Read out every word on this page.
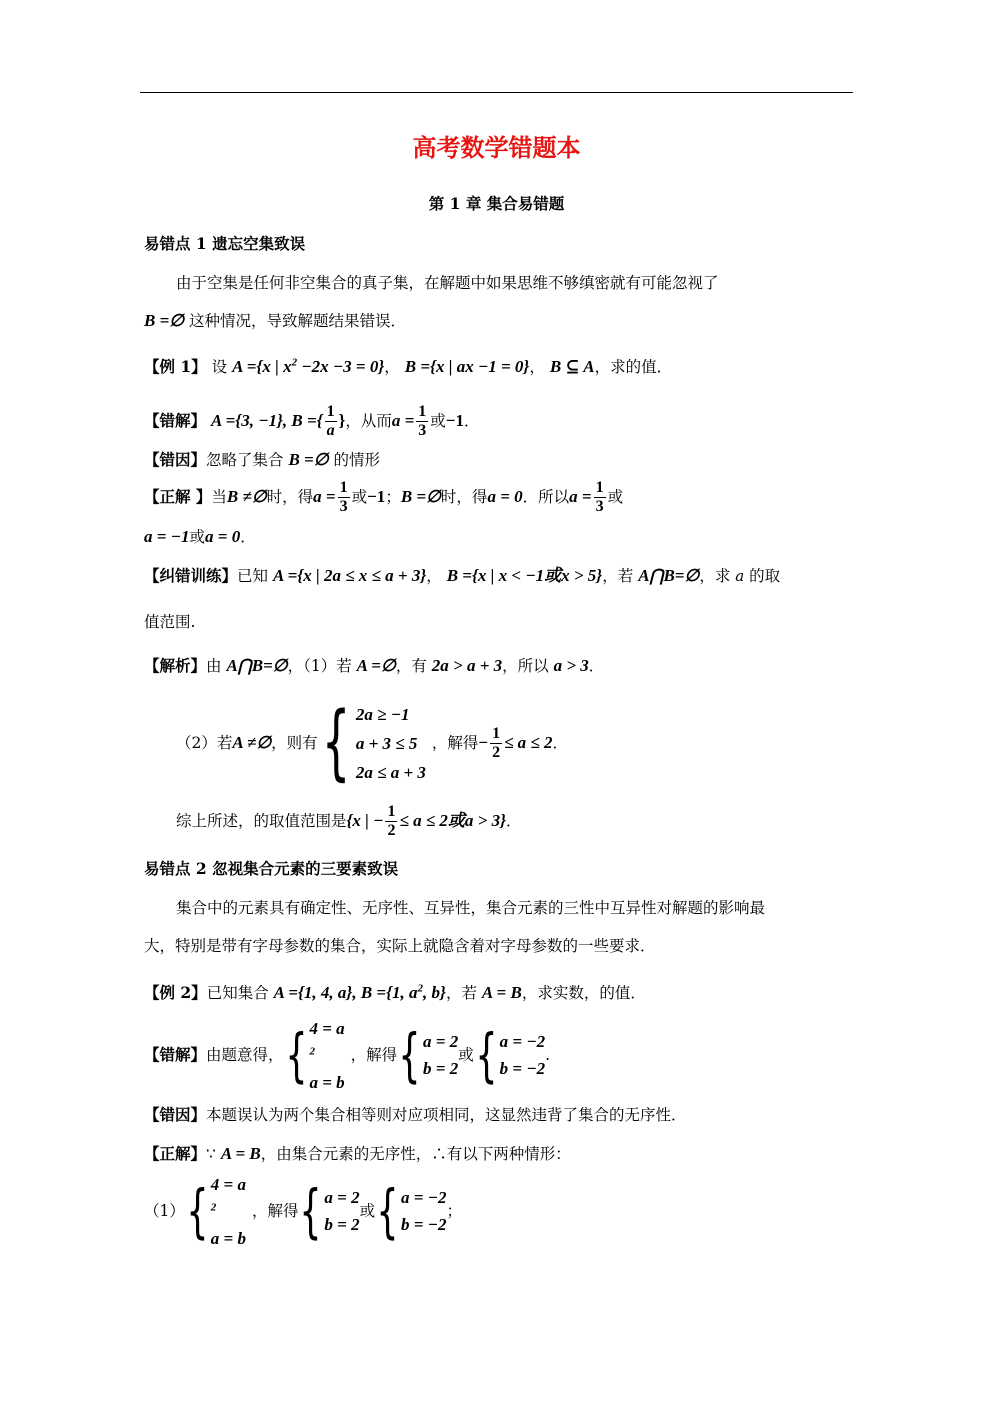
高考数学错题本
第 1 章 集合易错题
易错点 1 遗忘空集致误
由于空集是任何非空集合的真子集，在解题中如果思维不够缜密就有可能忽视了
B =∅ 这种情况，导致解题结果错误．
【例 1】 设 A ={x | $x^2 -2x -3 = 0$}， B ={x | ax −1 = 0}， B ⊆ A，求的值．
【错解】
A ={3, −1}, B ={ $\frac{1}{a}$ } ，从而 $a = \frac{1}{3}$ 或 −1 ．
【错因】忽略了集合 B =∅ 的情形
【正解 】 当 B ≠∅ 时，得 $a = \frac{1}{3}$ 或 −1 ； B =∅ 时，得 a = 0 ．所以 $a = \frac{1}{3}$ 或
a = −1或a = 0．
【纠错训练】已知 A ={x | 2a ≤ x ≤ a + 3}， B ={x | x < −1或x > 5}，若 A⋂B=∅，求 a 的取
值范围.
【解析】由 A⋂B=∅，（1）若 A =∅，有 2a > a + 3，所以 a > 3．
（2）若 A ≠∅ ，则有 { 2a ≥ −1
a + 3 ≤ 5
2a ≤ a + 3
，解得 − $\frac{1}{2} \le a \le 2$ ．
综上所述，的取值范围是 {x | − $\frac{1}{2} \le a \le 2$或a > 3} ．
易错点 2 忽视集合元素的三要素致误
集合中的元素具有确定性、无序性、互异性，集合元素的三性中互异性对解题的影响最
大，特别是带有字母参数的集合，实际上就隐含着对字母参数的一些要求．
【例 2】已知集合 A ={1, 4, a}, B ={1, $a^2$, b}，若 A = B，求实数，的值．
【错解】 由题意得， { 4 = a
$^2$
a = b
，解得 { a = 2
b = 2
或 { a = −2
b = −2
.
【错因】本题误认为两个集合相等则对应项相同，这显然违背了集合的无序性．
【正解】∵ A = B，由集合元素的无序性，∴有以下两种情形：
（1） { 4 = a
$^2$
a = b
，解得 { a = 2
b = 2
或 { a = −2
b = −2
；
